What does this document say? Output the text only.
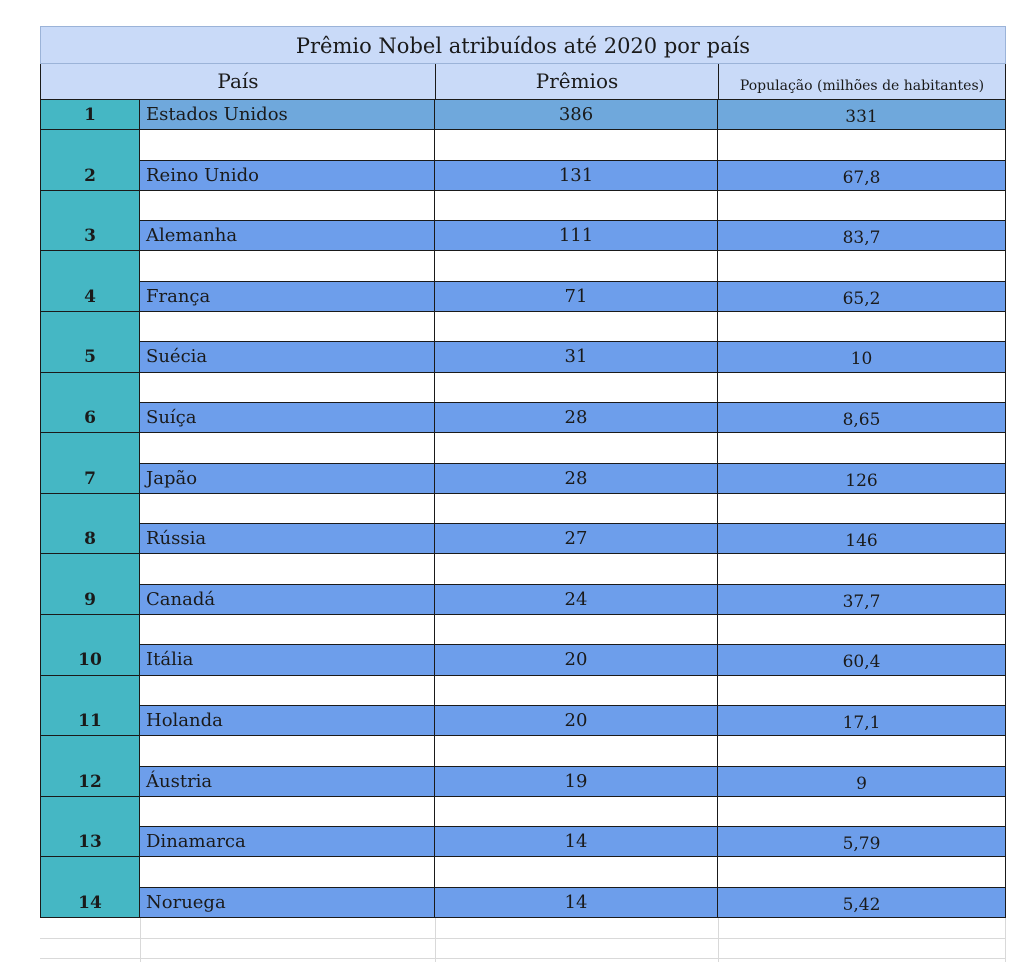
Prêmio Nobel atribuídos até 2020 por país
País	Prêmios	População (milhões de habitantes)
1	Estados Unidos	386	331
2	Reino Unido	131	67,8
3	Alemanha	111	83,7
4	França	71	65,2
5	Suécia	31	10
6	Suíça	28	8,65
7	Japão	28	126
8	Rússia	27	146
9	Canadá	24	37,7
10	Itália	20	60,4
11	Holanda	20	17,1
12	Áustria	19	9
13	Dinamarca	14	5,79
14	Noruega	14	5,42
